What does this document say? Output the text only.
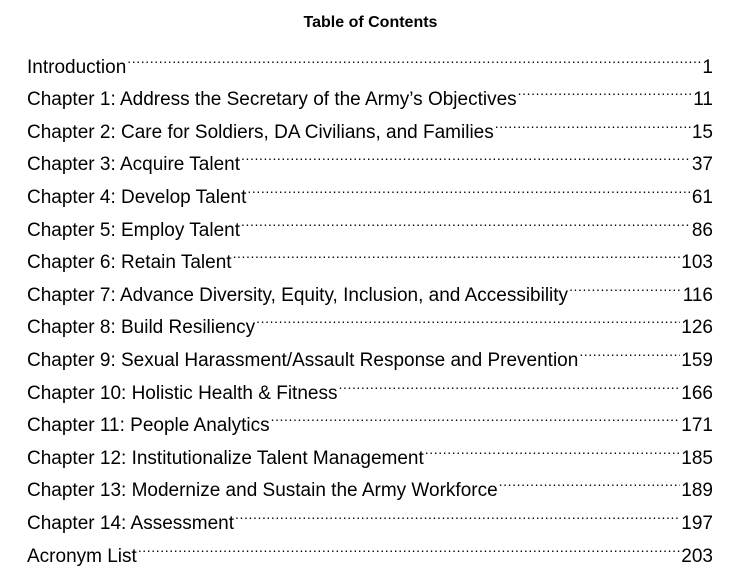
Table of Contents
Introduction .....	1
Chapter 1: Address the Secretary of the Army’s Objectives .....	11
Chapter 2: Care for Soldiers, DA Civilians, and Families .....	15
Chapter 3: Acquire Talent .....	37
Chapter 4: Develop Talent .....	61
Chapter 5: Employ Talent .....	86
Chapter 6: Retain Talent .....	103
Chapter 7: Advance Diversity, Equity, Inclusion, and Accessibility .....	116
Chapter 8: Build Resiliency .....	126
Chapter 9: Sexual Harassment/Assault Response and Prevention .....	159
Chapter 10: Holistic Health & Fitness .....	166
Chapter 11: People Analytics .....	171
Chapter 12: Institutionalize Talent Management .....	185
Chapter 13: Modernize and Sustain the Army Workforce .....	189
Chapter 14: Assessment .....	197
Acronym List .....	203
